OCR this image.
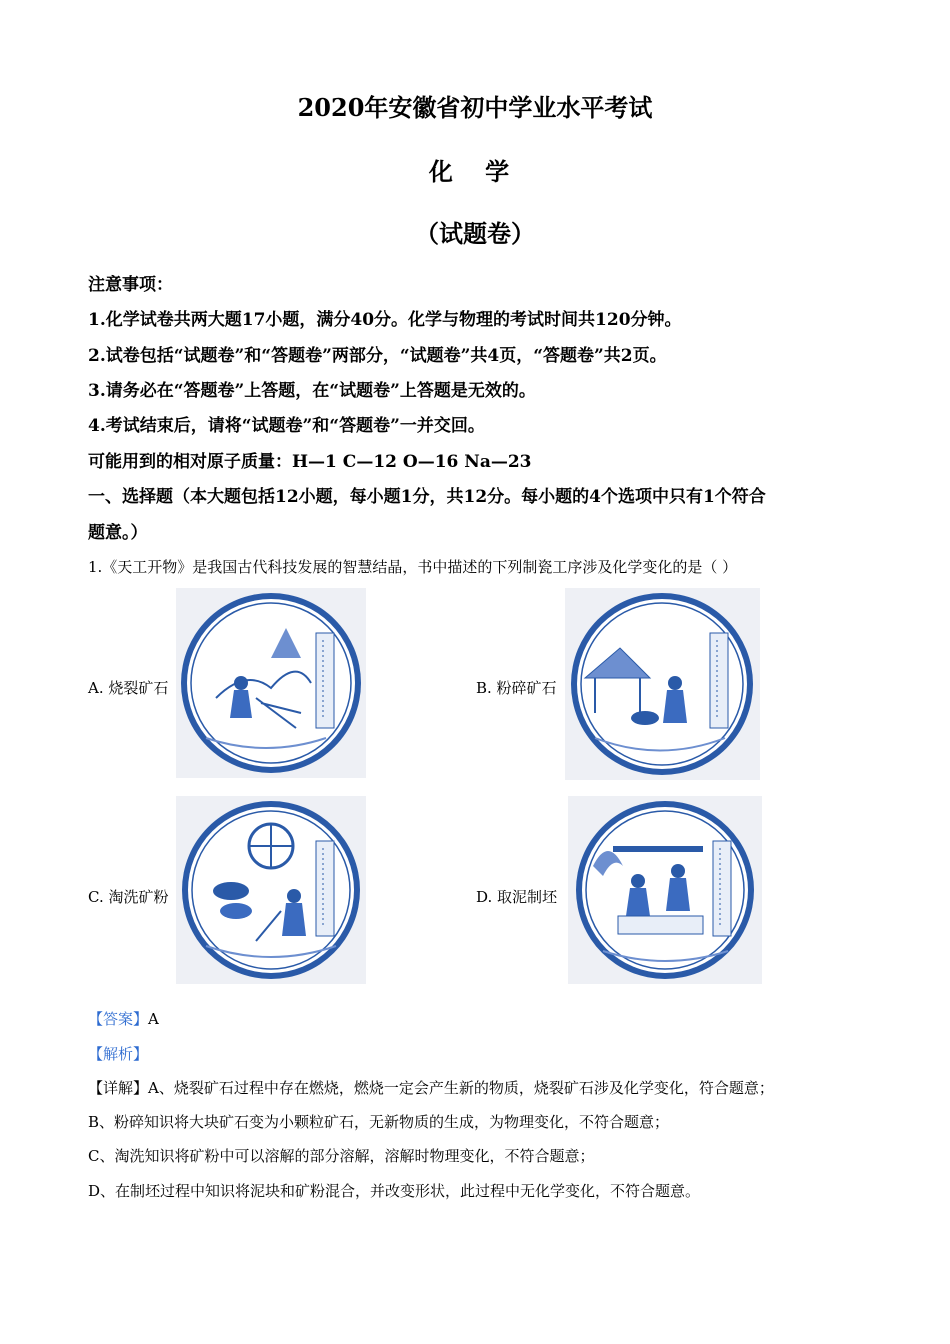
2020年安徽省初中学业水平考试
化 学
（试题卷）
注意事项：
1.化学试卷共两大题17小题，满分40分。化学与物理的考试时间共120分钟。
2.试卷包括“试题卷”和“答题卷”两部分，“试题卷”共4页，“答题卷”共2页。
3.请务必在“答题卷”上答题，在“试题卷”上答题是无效的。
4.考试结束后，请将“试题卷”和“答题卷”一并交回。
可能用到的相对原子质量：H—1 C—12 O—16 Na—23
一、选择题（本大题包括12小题，每小题1分，共12分。每小题的4个选项中只有1个符合
题意。）
1.《天工开物》是我国古代科技发展的智慧结晶，书中描述的下列制瓷工序涉及化学变化的是（ ）
A. 烧裂矿石	B. 粉碎矿石
C. 淘洗矿粉	D. 取泥制坯
【答案】A
【解析】
【详解】A、烧裂矿石过程中存在燃烧，燃烧一定会产生新的物质，烧裂矿石涉及化学变化，符合题意；
B、粉碎知识将大块矿石变为小颗粒矿石，无新物质的生成，为物理变化，不符合题意；
C、淘洗知识将矿粉中可以溶解的部分溶解，溶解时物理变化，不符合题意；
D、在制坯过程中知识将泥块和矿粉混合，并改变形状，此过程中无化学变化，不符合题意。
